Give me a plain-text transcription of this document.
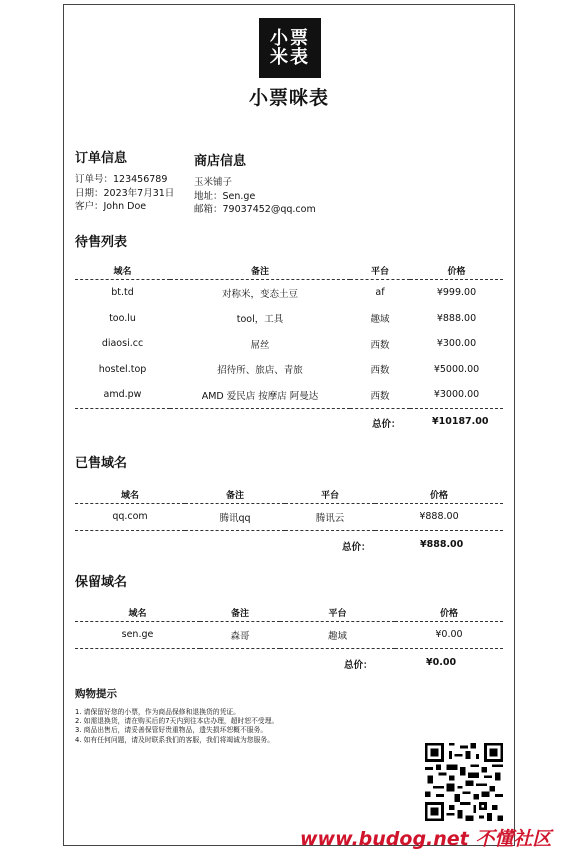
小票米表
小票咪表
订单信息
订单号：123456789
日期：2023年7月31日
客户：John Doe
商店信息
玉米铺子
地址：Sen.ge
邮箱：79037452@qq.com
待售列表
域名	备注	平台	价格
bt.td	对称米，变态土豆	af	¥999.00
too.lu	tool，工具	趣域	¥888.00
diaosi.cc	屌丝	西数	¥300.00
hostel.top	招待所、旅店、青旅	西数	¥5000.00
amd.pw	AMD 爱民店 按摩店 阿曼达	西数	¥3000.00
总价：	¥10187.00
已售域名
域名	备注	平台	价格
qq.com	腾讯qq	腾讯云	¥888.00
总价：	¥888.00
保留域名
域名	备注	平台	价格
sen.ge	森哥	趣域	¥0.00
总价：	¥0.00
购物提示
1. 请保留好您的小票，作为商品保修和退换货的凭证。
2. 如需退换货，请在购买后的7天内到往本店办理，超时恕不受理。
3. 商品出售后，请妥善保管好贵重物品，遗失损坏恕概不服务。
4. 如有任何问题，请及时联系我们的客服，我们将竭诚为您服务。
www.budog.net 不懂社区
